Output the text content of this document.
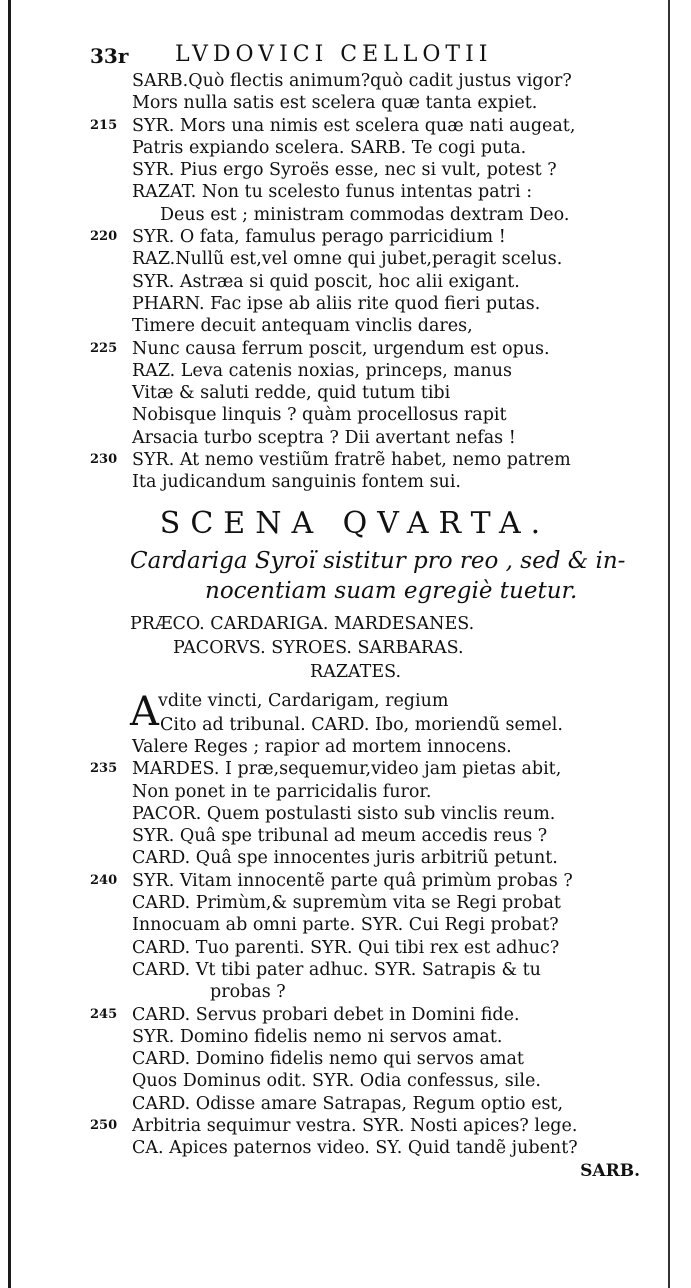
33r LVDOVICI CELLOTII
SARB.Quò flectis animum?quò cadit justus vigor?
Mors nulla satis est scelera quæ tanta expiet.
215 SYR. Mors una nimis est scelera quæ nati augeat,
Patris expiando scelera. SARB. Te cogi puta.
SYR. Pius ergo Syroës esse, nec si vult, potest ?
RAZAT. Non tu scelesto funus intentas patri :
Deus est ; ministram commodas dextram Deo.
220 SYR. O fata, famulus perago parricidium !
RAZ.Nullũ est,vel omne qui jubet,peragit scelus.
SYR. Astræa si quid poscit, hoc alii exigant.
PHARN. Fac ipse ab aliis rite quod fieri putas.
Timere decuit antequam vinclis dares,
225 Nunc causa ferrum poscit, urgendum est opus.
RAZ. Leva catenis noxias, princeps, manus
Vitæ & saluti redde, quid tutum tibi
Nobisque linquis ? quàm procellosus rapit
Arsacia turbo sceptra ? Dii avertant nefas !
230 SYR. At nemo vestiũm fratrẽ habet, nemo patrem
Ita judicandum sanguinis fontem sui.
SCENA QVARTA.
Cardariga Syroï sistitur pro reo , sed & in-
nocentiam suam egregiè tuetur.
PRÆCO. CARDARIGA. MARDESANES.
PACORVS. SYROES. SARBARAS.
RAZATES.
A vdite vincti, Cardarigam, regium
Cito ad tribunal. CARD. Ibo, moriendũ semel.
Valere Reges ; rapior ad mortem innocens.
235 MARDES. I præ,sequemur,video jam pietas abit,
Non ponet in te parricidalis furor.
PACOR. Quem postulasti sisto sub vinclis reum.
SYR. Quâ spe tribunal ad meum accedis reus ?
CARD. Quâ spe innocentes juris arbitriũ petunt.
240 SYR. Vitam innocentẽ parte quâ primùm probas ?
CARD. Primùm,& supremùm vita se Regi probat
Innocuam ab omni parte. SYR. Cui Regi probat?
CARD. Tuo parenti. SYR. Qui tibi rex est adhuc?
CARD. Vt tibi pater adhuc. SYR. Satrapis & tu
probas ?
245 CARD. Servus probari debet in Domini fide.
SYR. Domino fidelis nemo ni servos amat.
CARD. Domino fidelis nemo qui servos amat
Quos Dominus odit. SYR. Odia confessus, sile.
CARD. Odisse amare Satrapas, Regum optio est,
250 Arbitria sequimur vestra. SYR. Nosti apices? lege.
CA. Apices paternos video. SY. Quid tandẽ jubent?
SARB.
